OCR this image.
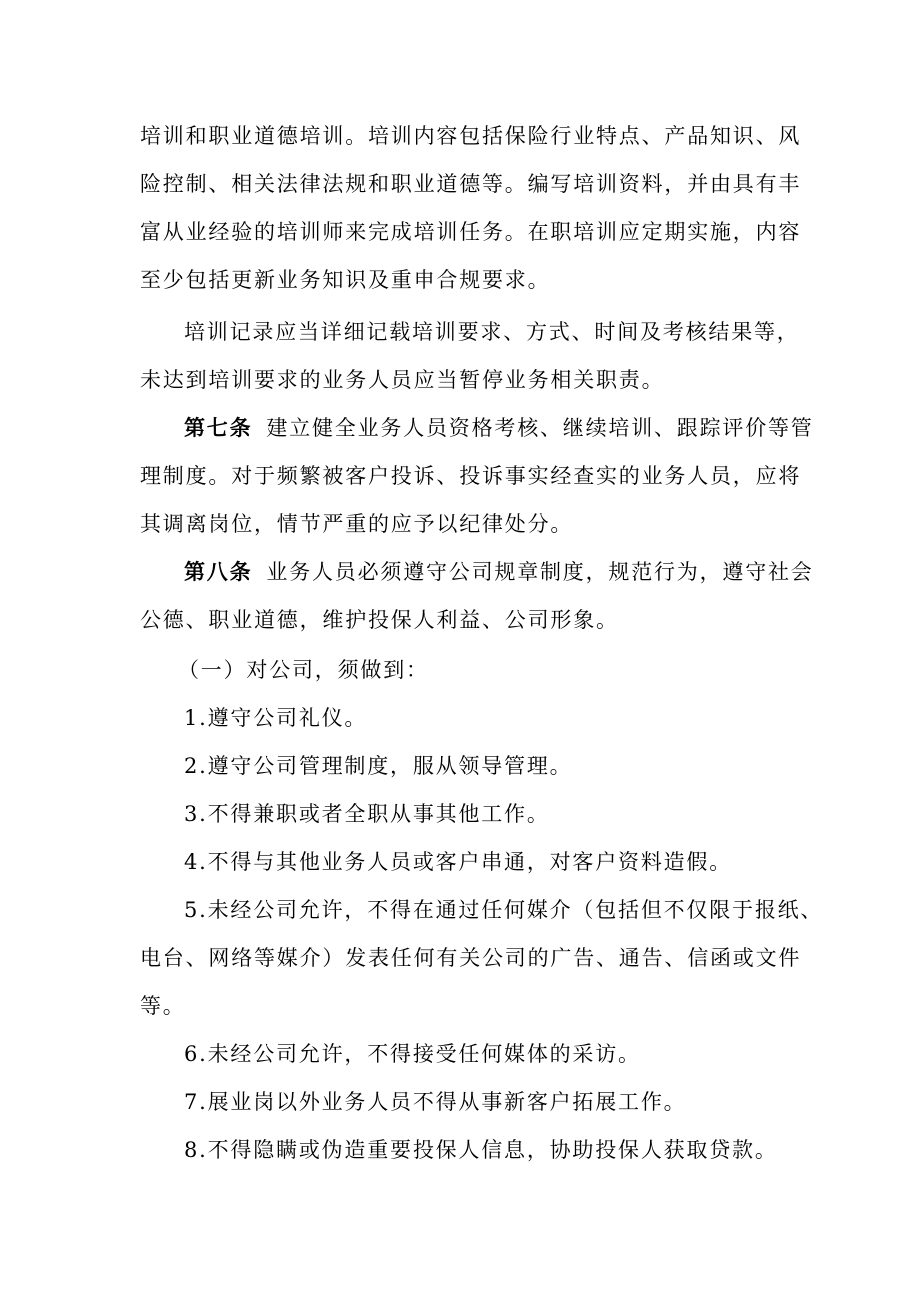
培训和职业道德培训。培训内容包括保险行业特点、产品知识、风
险控制、相关法律法规和职业道德等。编写培训资料，并由具有丰
富从业经验的培训师来完成培训任务。在职培训应定期实施，内容
至少包括更新业务知识及重申合规要求。
培训记录应当详细记载培训要求、方式、时间及考核结果等，
未达到培训要求的业务人员应当暂停业务相关职责。
第七条 建立健全业务人员资格考核、继续培训、跟踪评价等管
理制度。对于频繁被客户投诉、投诉事实经查实的业务人员，应将
其调离岗位，情节严重的应予以纪律处分。
第八条 业务人员必须遵守公司规章制度，规范行为，遵守社会
公德、职业道德，维护投保人利益、公司形象。
（一）对公司，须做到：
1.遵守公司礼仪。
2.遵守公司管理制度，服从领导管理。
3.不得兼职或者全职从事其他工作。
4.不得与其他业务人员或客户串通，对客户资料造假。
5.未经公司允许，不得在通过任何媒介（包括但不仅限于报纸、
电台、网络等媒介）发表任何有关公司的广告、通告、信函或文件
等。
6.未经公司允许，不得接受任何媒体的采访。
7.展业岗以外业务人员不得从事新客户拓展工作。
8.不得隐瞒或伪造重要投保人信息，协助投保人获取贷款。
